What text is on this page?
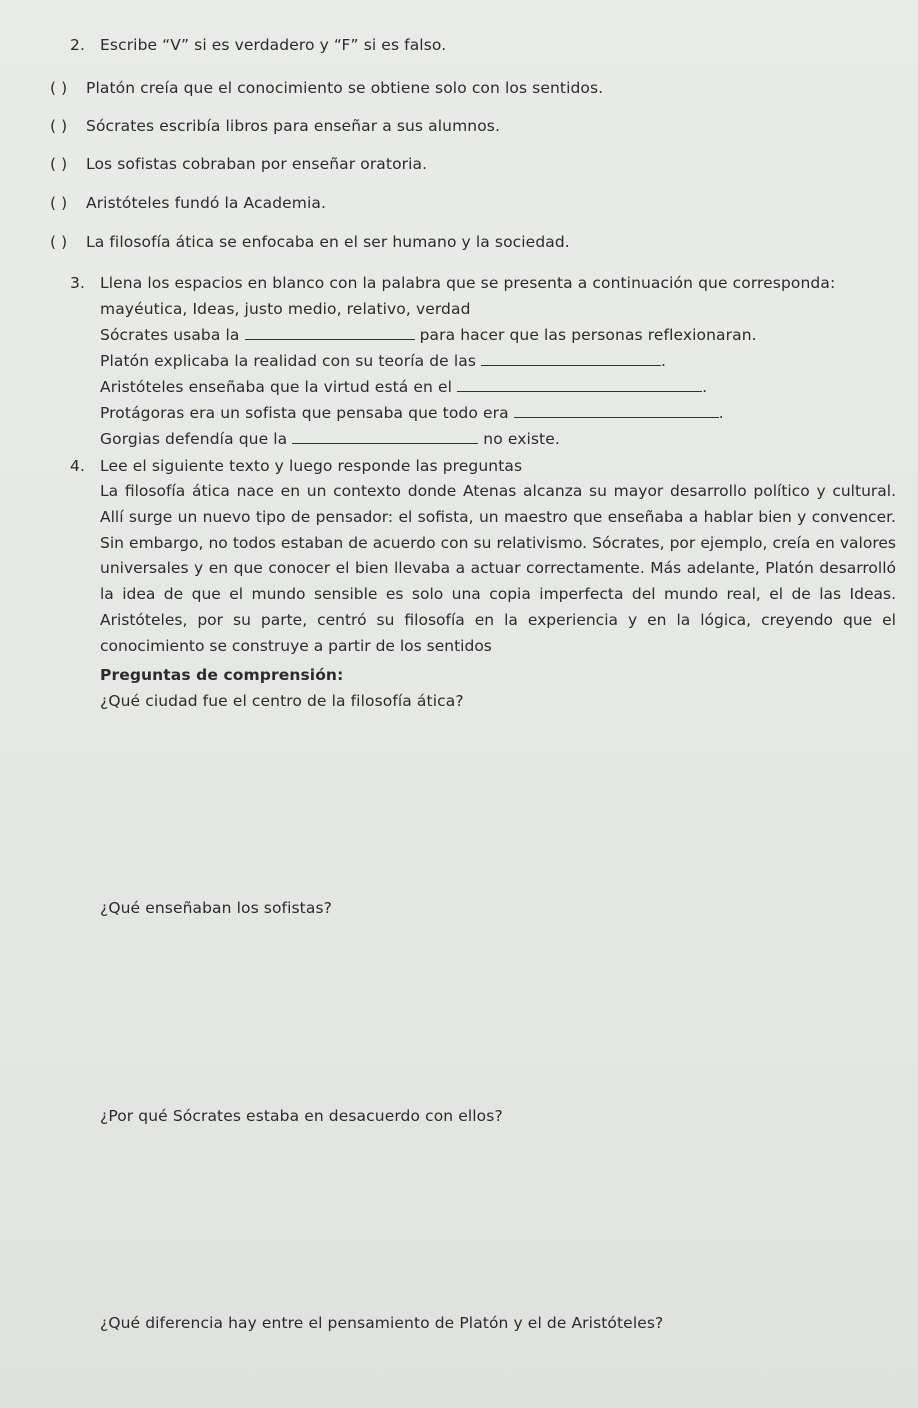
2. Escribe “V” si es verdadero y “F” si es falso.
( ) Platón creía que el conocimiento se obtiene solo con los sentidos.
( ) Sócrates escribía libros para enseñar a sus alumnos.
( ) Los sofistas cobraban por enseñar oratoria.
( ) Aristóteles fundó la Academia.
( ) La filosofía ática se enfocaba en el ser humano y la sociedad.
3. Llena los espacios en blanco con la palabra que se presenta a continuación que corresponda:
mayéutica, Ideas, justo medio, relativo, verdad
Sócrates usaba la	para hacer que las personas reflexionaran.
Platón explicaba la realidad con su teoría de las	.
Aristóteles enseñaba que la virtud está en el	.
Protágoras era un sofista que pensaba que todo era	.
Gorgias defendía que la	no existe.
4. Lee el siguiente texto y luego responde las preguntas
La filosofía ática nace en un contexto donde Atenas alcanza su mayor desarrollo político y cultural. Allí surge un nuevo tipo de pensador: el sofista, un maestro que enseñaba a hablar bien y convencer. Sin embargo, no todos estaban de acuerdo con su relativismo. Sócrates, por ejemplo, creía en valores universales y en que conocer el bien llevaba a actuar correctamente. Más adelante, Platón desarrolló la idea de que el mundo sensible es solo una copia imperfecta del mundo real, el de las Ideas. Aristóteles, por su parte, centró su filosofía en la experiencia y en la lógica, creyendo que el conocimiento se construye a partir de los sentidos
Preguntas de comprensión:
¿Qué ciudad fue el centro de la filosofía ática?
¿Qué enseñaban los sofistas?
¿Por qué Sócrates estaba en desacuerdo con ellos?
¿Qué diferencia hay entre el pensamiento de Platón y el de Aristóteles?
